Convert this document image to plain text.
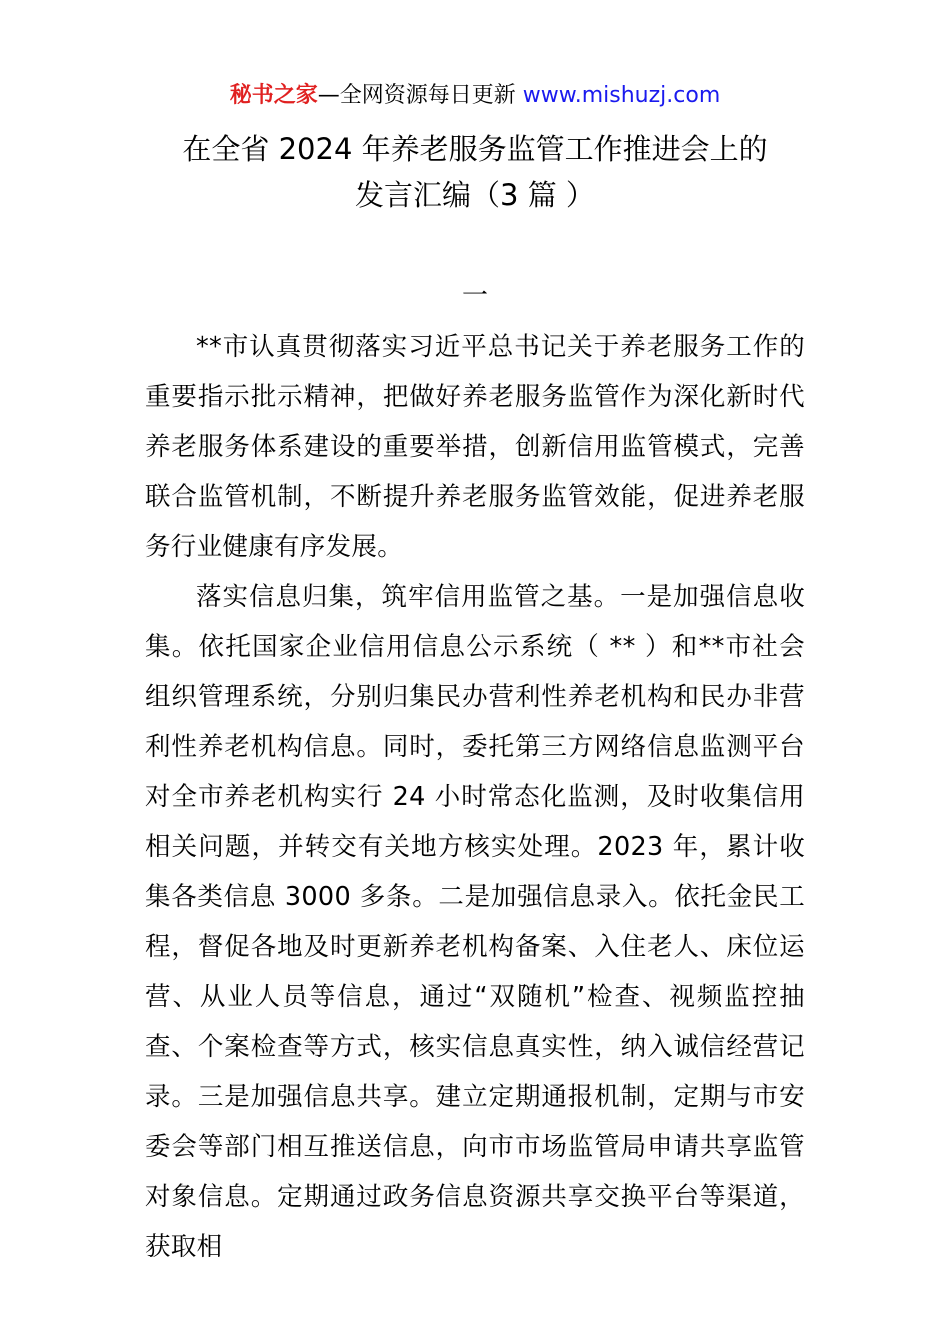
秘书之家—全网资源每日更新 www.mishuzj.com
在全省 2024 年养老服务监管工作推进会上的
发言汇编（3 篇 ）
一

**市认真贯彻落实习近平总书记关于养老服务工作的重要指示批示精神，把做好养老服务监管作为深化新时代养老服务体系建设的重要举措，创新信用监管模式，完善联合监管机制，不断提升养老服务监管效能，促进养老服务行业健康有序发展。

落实信息归集，筑牢信用监管之基。一是加强信息收集。依托国家企业信用信息公示系统（ ** ）和**市社会组织管理系统，分别归集民办营利性养老机构和民办非营利性养老机构信息。同时，委托第三方网络信息监测平台对全市养老机构实行 24 小时常态化监测，及时收集信用相关问题，并转交有关地方核实处理。2023 年，累计收集各类信息 3000 多条。二是加强信息录入。依托金民工程，督促各地及时更新养老机构备案、入住老人、床位运营、从业人员等信息，通过“双随机”检查、视频监控抽查、个案检查等方式，核实信息真实性，纳入诚信经营记录。三是加强信息共享。建立定期通报机制，定期与市安委会等部门相互推送信息，向市市场监管局申请共享监管对象信息。定期通过政务信息资源共享交换平台等渠道，获取相
